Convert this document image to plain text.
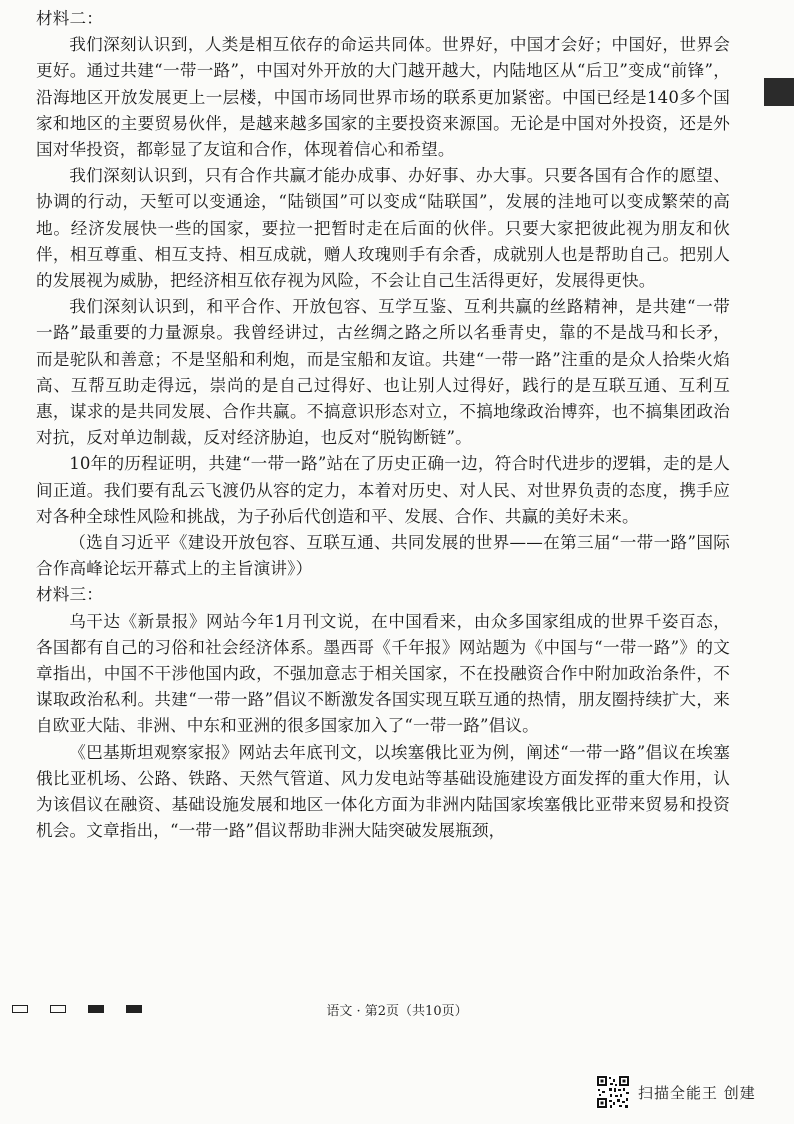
材料二：

我们深刻认识到，人类是相互依存的命运共同体。世界好，中国才会好；中国好，世界会更好。通过共建“一带一路”，中国对外开放的大门越开越大，内陆地区从“后卫”变成“前锋”，沿海地区开放发展更上一层楼，中国市场同世界市场的联系更加紧密。中国已经是140多个国家和地区的主要贸易伙伴，是越来越多国家的主要投资来源国。无论是中国对外投资，还是外国对华投资，都彰显了友谊和合作，体现着信心和希望。

我们深刻认识到，只有合作共赢才能办成事、办好事、办大事。只要各国有合作的愿望、协调的行动，天堑可以变通途，“陆锁国”可以变成“陆联国”，发展的洼地可以变成繁荣的高地。经济发展快一些的国家，要拉一把暂时走在后面的伙伴。只要大家把彼此视为朋友和伙伴，相互尊重、相互支持、相互成就，赠人玫瑰则手有余香，成就别人也是帮助自己。把别人的发展视为威胁，把经济相互依存视为风险，不会让自己生活得更好，发展得更快。

我们深刻认识到，和平合作、开放包容、互学互鉴、互利共赢的丝路精神，是共建“一带一路”最重要的力量源泉。我曾经讲过，古丝绸之路之所以名垂青史，靠的不是战马和长矛，而是驼队和善意；不是坚船和利炮，而是宝船和友谊。共建“一带一路”注重的是众人拾柴火焰高、互帮互助走得远，崇尚的是自己过得好、也让别人过得好，践行的是互联互通、互利互惠，谋求的是共同发展、合作共赢。不搞意识形态对立，不搞地缘政治博弈，也不搞集团政治对抗，反对单边制裁，反对经济胁迫，也反对“脱钩断链”。

10年的历程证明，共建“一带一路”站在了历史正确一边，符合时代进步的逻辑，走的是人间正道。我们要有乱云飞渡仍从容的定力，本着对历史、对人民、对世界负责的态度，携手应对各种全球性风险和挑战，为子孙后代创造和平、发展、合作、共赢的美好未来。

（选自习近平《建设开放包容、互联互通、共同发展的世界——在第三届“一带一路”国际合作高峰论坛开幕式上的主旨演讲》）

材料三：

乌干达《新景报》网站今年1月刊文说，在中国看来，由众多国家组成的世界千姿百态，各国都有自己的习俗和社会经济体系。墨西哥《千年报》网站题为《中国与“一带一路”》的文章指出，中国不干涉他国内政，不强加意志于相关国家，不在投融资合作中附加政治条件，不谋取政治私利。共建“一带一路”倡议不断激发各国实现互联互通的热情，朋友圈持续扩大，来自欧亚大陆、非洲、中东和亚洲的很多国家加入了“一带一路”倡议。

《巴基斯坦观察家报》网站去年底刊文，以埃塞俄比亚为例，阐述“一带一路”倡议在埃塞俄比亚机场、公路、铁路、天然气管道、风力发电站等基础设施建设方面发挥的重大作用，认为该倡议在融资、基础设施发展和地区一体化方面为非洲内陆国家埃塞俄比亚带来贸易和投资机会。文章指出，“一带一路”倡议帮助非洲大陆突破发展瓶颈，

语文 · 第2页（共10页）
扫描全能王 创建
